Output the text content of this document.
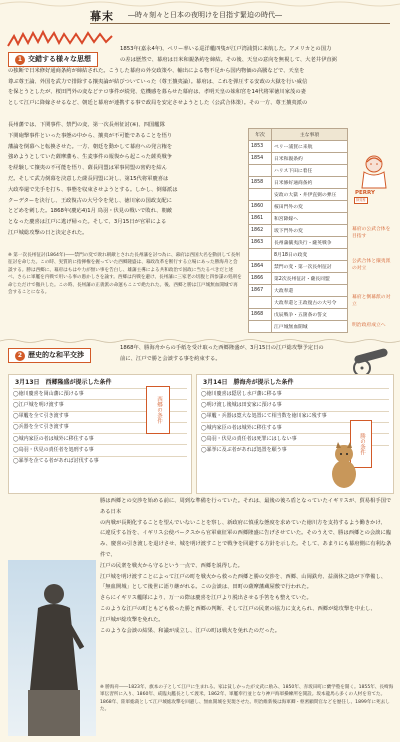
幕末 ―時々刻々と日本の夜明けを目指す緊迫の時代―
1 交錯する様々な思想
1853年(嘉永4年)、ペリー率いる巡洋艦四隻が江戸湾浦賀に来航した。アメリカとの国力
の差は歴然で、幕府は日米和親条約を締結。その後、天皇の意向を無視して、大老井伊直弼
の独断で日米修好通商条約が締結された。こうした幕府の外交政策や、輸出による物不足から国内物価の高騰などで、天皇を
尊ぶ尊王論、外国を武力で排除する攘夷論が結びついていった（尊王攘夷論）。幕府は、これを弾圧する安政の大獄を行い威信
を保とうとしたが、桜田門外の変などテロ事件が続発、危機感を募らせた幕府は、孝明天皇の妹和宮を14代将軍徳川家茂の妻
として江戸に降嫁させるなど、朝廷と幕府が連携する事で政局を安定させようとした（公武合体策）。その一方、尊王攘夷派の
長州藩では、下関事件、禁門の変、第一次長州征討(※)、四国艦隊
下関砲撃事件といった事態の中から、攘夷が不可能であることを悟り
藩論を倒幕へと転換させた。一方、朝廷を動かして幕府への発言権を
強めようとしていた薩摩藩も、生麦事件の報復から起こった薩英戦争
を経験して攘夷の不可能を悟り、薩長同盟は軍事同盟の密約を結ん
だ。そして武力倒幕を決意した薩長同盟に対し、第15代将軍慶喜は
大政奉還で先手を打ち、事態を収束させようとする。しかし、倒幕派は
クーデターを決行し、王政復古の大号令を発し、徳川家の国政支配に
とどめを刺した。1868年(慶応4)1月 鳥羽・伏見の戦いで敗れ、朝敵
となった慶喜は江戸に逃げ帰った。そして、3月15日が官軍による
江戸城総攻撃の日と決定された。
※ 第一次長州征討(1864年)――禁門の変で敗れ朝敵とされた長州藩を討つ為に、幕府は西国大名を動員して長州征討を命じた。この時、実質的に指揮権を握っていた西郷隆盛は、幕政改革を断行する立場にあった勝海舟と会談する。勝は西郷に、幕府はもはや力が無い事を告白し、雄藩主導による共和政治で国政に当たるべきだと述べ、さらに軍艦を内戦で用いる事の愚かしさを諭す。西郷は内戦を避け、長州藩に三家老の切腹と四参謀の処刑を命じただけで撤兵した。この時、長州藩の正義派の命運もここで絶たれた。後、西郷と勝は江戸城無血開城で再会することになる。
年次	主な事項
1853	ペリー浦賀に来航
1854	日米和親条約
	ハリス下田に着任
1858	日米修好通商条約
	安政の大獄・井伊直弼の弾圧
1860	桜田門外の変
1861	和宮降嫁へ
1862	坂下門外の変
1863	長州藩攘夷決行・薩英戦争
	8月18日の政変
1864	禁門の変・第一次長州征討
1866	第2次長州征討・薩長同盟
1867	大政奉還
	大政奉還と王政復古の大号令
1868	戊辰戦争・五箇条の誓文
	江戸城無血開城
開国
幕府の公武合体を目指す
公武合体と攘夷派の対立
幕府と倒幕派の対立
明治政府成立へ
PERRY
2 歴史的な和平交渉
1868年、勝海舟からの手紙を受け取った西郷隆盛が、3月15日の江戸総攻撃予定日の
前に、江戸で勝と会談する事を約束する。
3月13日　西郷隆盛が提示した条件
◯徳川慶喜を岡山藩に預ける事
◯江戸城を明け渡す事
◯軍艦を全て引き渡す事
◯兵器を全て引き渡す事
◯城内家臣の者は城外に移住する事
◯鳥羽・伏見の責任者を処刑する事
◯暴挙を企てる者があれば討伐する事
西郷の条件
3月14日　勝海舟が提示した条件
◯徳川慶喜は隠居し水戸藩に移る事
◯明け渡し後城は田安家に預ける事
◯軍艦・兵器は寛大な処置にて相当数を徳川家に残す事
◯城内家臣の者は城外に移住する事
◯鳥羽・伏見の責任者は死罪にはしない事
◯暴挙に及ぶ者があれば処置を願う事	勝の条件
勝は西郷との交渉を始める前に、周到な準備を行っていた。それは、最後の後ろ盾となっていたイギリスが、貿易相手国である日本
の内戦が長期化することを望んでいないことを察し、新政府に慎重な態度を求めていた徳川方を支持するよう働きかけ、
に違反する旨を、イギリス公使パークスから官軍東征軍の西郷隆盛に告げさせていた。そのうえで、勝は西郷との会談に臨
み、慶喜の引き渡しを退けさせ、城を明け渡すことで戦争を回避する方針を示した。そして、あまりにも幕府側に有利な条件で、
江戸の民衆を戦火から守るという一点で、西郷を説得した。
江戸城を明け渡すことによって江戸の町を戦火から救った西郷と勝の交渉を、西郷、山岡鉄舟、益満休之助が下準備し、
「無血開城」として後世に語り継がれる。この会談は、田町の薩摩藩蔵屋敷で行われた。
さらにイギリス艦隊により、万一の際は慶喜を江戸より脱出させる手筈をも整えていた。
このような江戸の町ともども救った勝と西郷の判断、そして江戸の民衆の協力に支えられ、西郷が総攻撃を中止し、
江戸城が総攻撃を免れた。
このような会談の結果、和議が成立し、江戸の町は戦火を免れたのだった。
※ 勝海舟――1823年、旗本の子として江戸に生まれる。家は貧しかったが文武に励み、1850年、赤坂田町に蘭学塾を開く。1855年、長崎海軍伝習所に入り、1860年、咸臨丸艦長として渡米。1862年、軍艦奉行並となり神戸海軍操練所を開設。坂本龍馬ら多くの人材を育てた。1868年、陸軍総裁として江戸城総攻撃を回避し、無血開城を実現させた。明治維新後は海軍卿・枢密顧問官などを歴任し、1899年に死去した。
